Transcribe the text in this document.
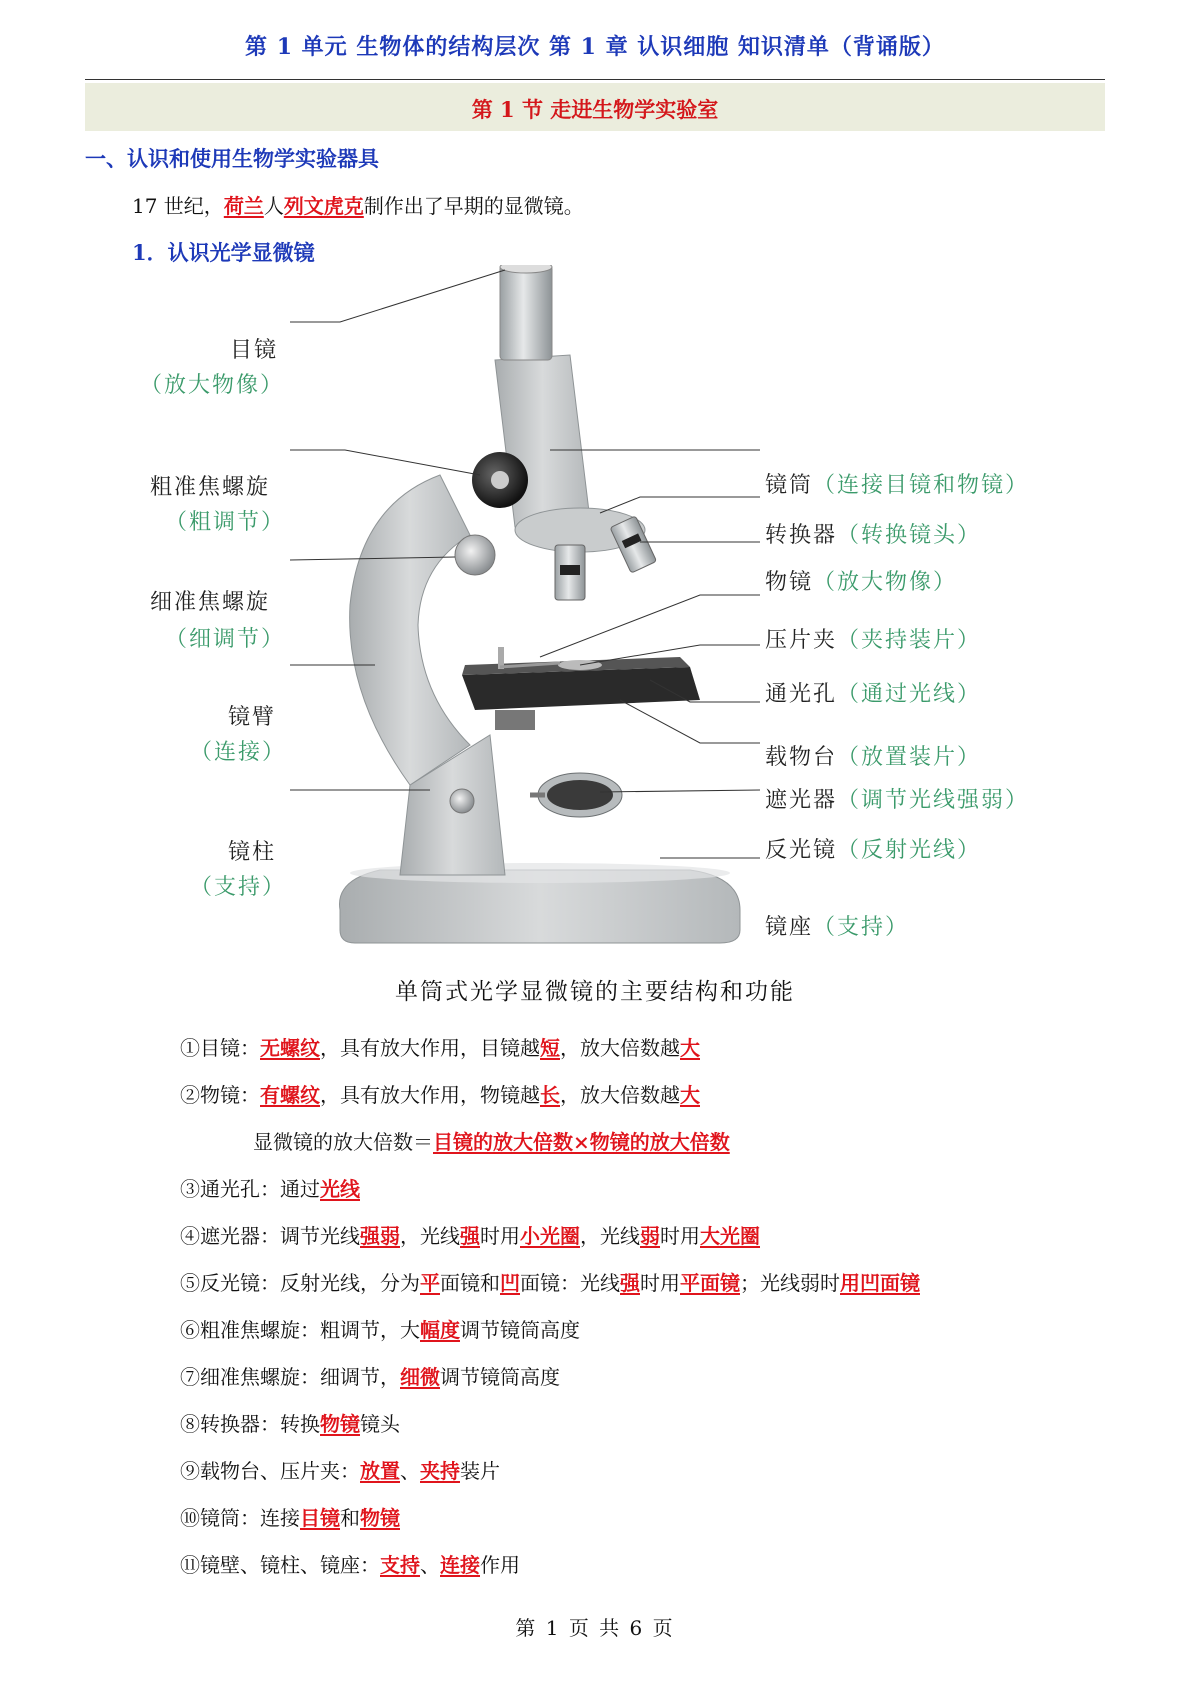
第 1 单元 生物体的结构层次 第 1 章 认识细胞 知识清单（背诵版）
第 1 节 走进生物学实验室
一、认识和使用生物学实验器具
17 世纪，荷兰人列文虎克制作出了早期的显微镜。
1．认识光学显微镜
目镜
（放大物像）
粗准焦螺旋
（粗调节）
细准焦螺旋
（细调节）
镜臂
（连接）
镜柱
（支持）
镜筒（连接目镜和物镜）
转换器（转换镜头）
物镜（放大物像）
压片夹（夹持装片）
通光孔（通过光线）
载物台（放置装片）
遮光器（调节光线强弱）
反光镜（反射光线）
镜座（支持）
单筒式光学显微镜的主要结构和功能
①目镜：无螺纹，具有放大作用，目镜越短，放大倍数越大
②物镜：有螺纹，具有放大作用，物镜越长，放大倍数越大
显微镜的放大倍数＝目镜的放大倍数×物镜的放大倍数
③通光孔：通过光线
④遮光器：调节光线强弱，光线强时用小光圈，光线弱时用大光圈
⑤反光镜：反射光线，分为平面镜和凹面镜：光线强时用平面镜；光线弱时用凹面镜
⑥粗准焦螺旋：粗调节，大幅度调节镜筒高度
⑦细准焦螺旋：细调节，细微调节镜筒高度
⑧转换器：转换物镜镜头
⑨载物台、压片夹：放置、夹持装片
⑩镜筒：连接目镜和物镜
⑪镜壁、镜柱、镜座：支持、连接作用
第 1 页 共 6 页
